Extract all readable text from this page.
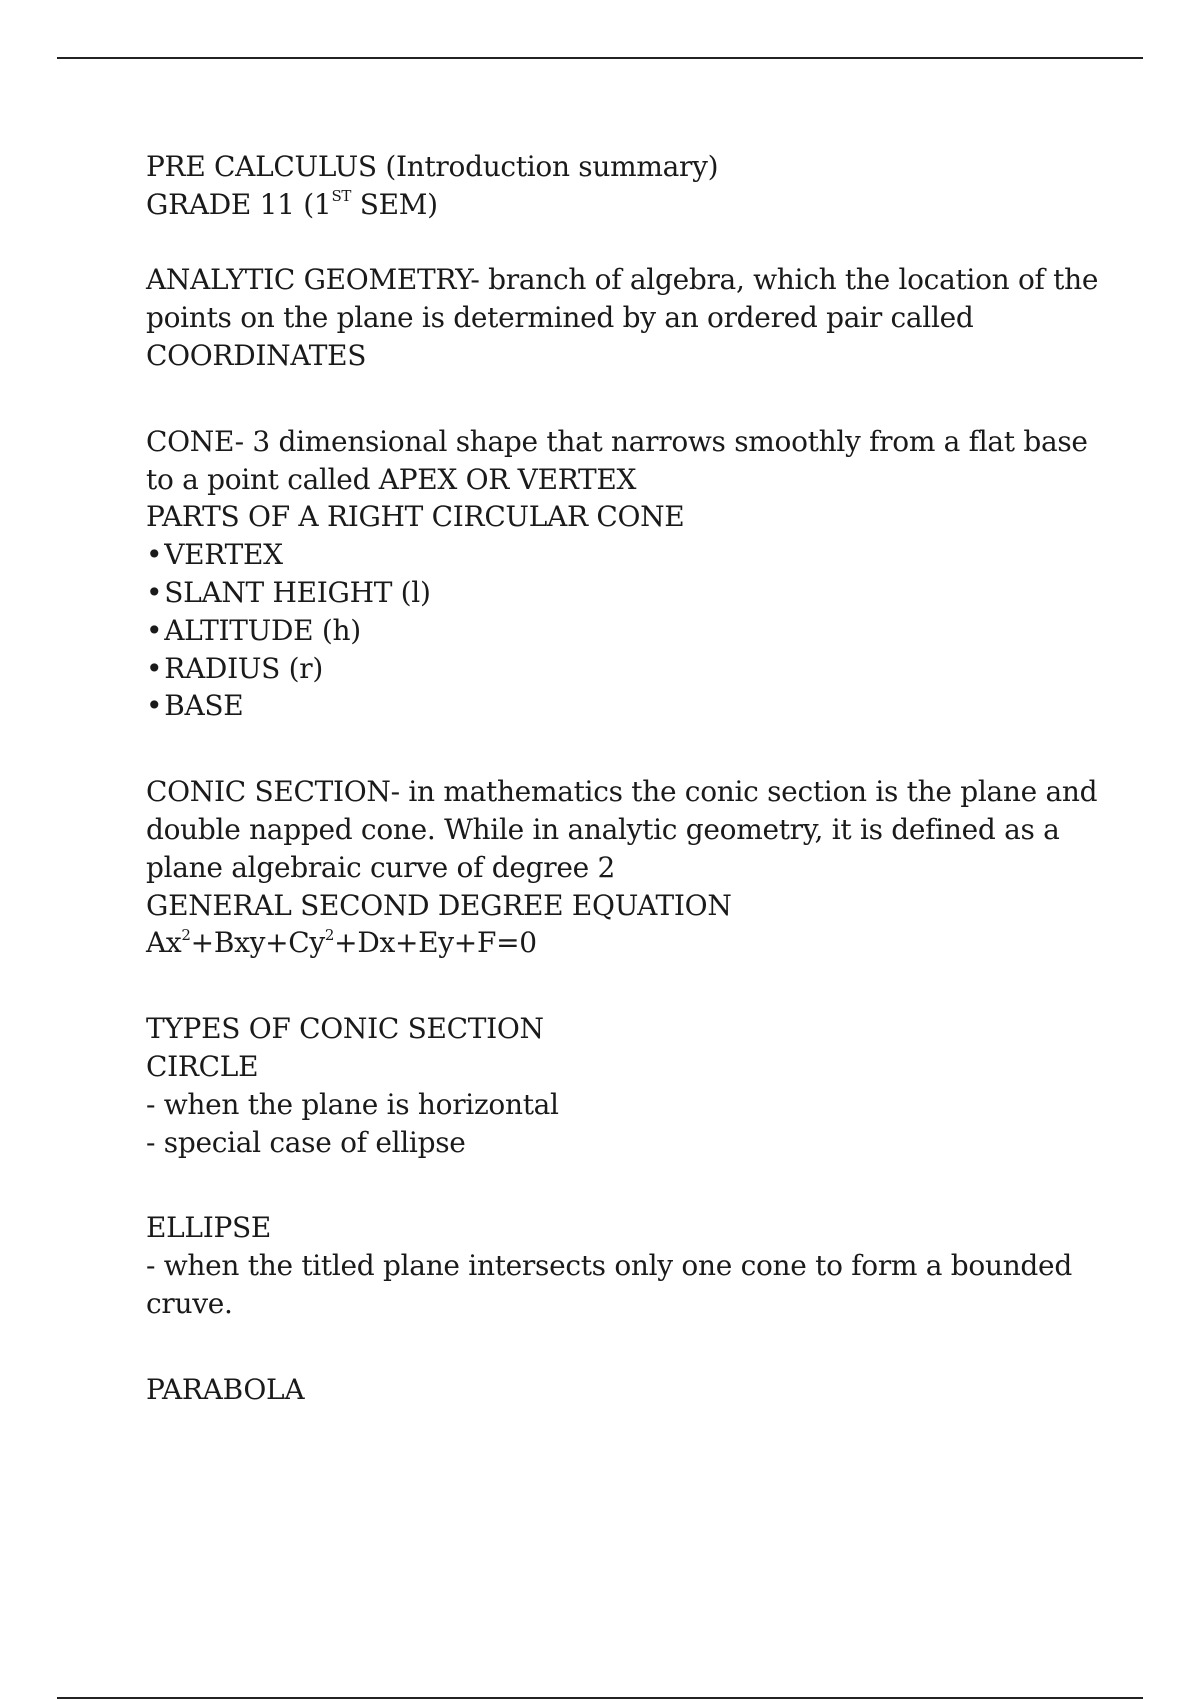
PRE CALCULUS (Introduction summary)
GRADE 11 (1ST SEM)
ANALYTIC GEOMETRY- branch of algebra, which the location of the
points on the plane is determined by an ordered pair called
COORDINATES
CONE- 3 dimensional shape that narrows smoothly from a flat base
to a point called APEX OR VERTEX
PARTS OF A RIGHT CIRCULAR CONE
•VERTEX
•SLANT HEIGHT (l)
•ALTITUDE (h)
•RADIUS (r)
•BASE
CONIC SECTION- in mathematics the conic section is the plane and
double napped cone. While in analytic geometry, it is defined as a
plane algebraic curve of degree 2
GENERAL SECOND DEGREE EQUATION
$Ax^2+Bxy+Cy^2+Dx+Ey+F=0$
TYPES OF CONIC SECTION
CIRCLE
- when the plane is horizontal
- special case of ellipse
ELLIPSE
- when the titled plane intersects only one cone to form a bounded
cruve.
PARABOLA
